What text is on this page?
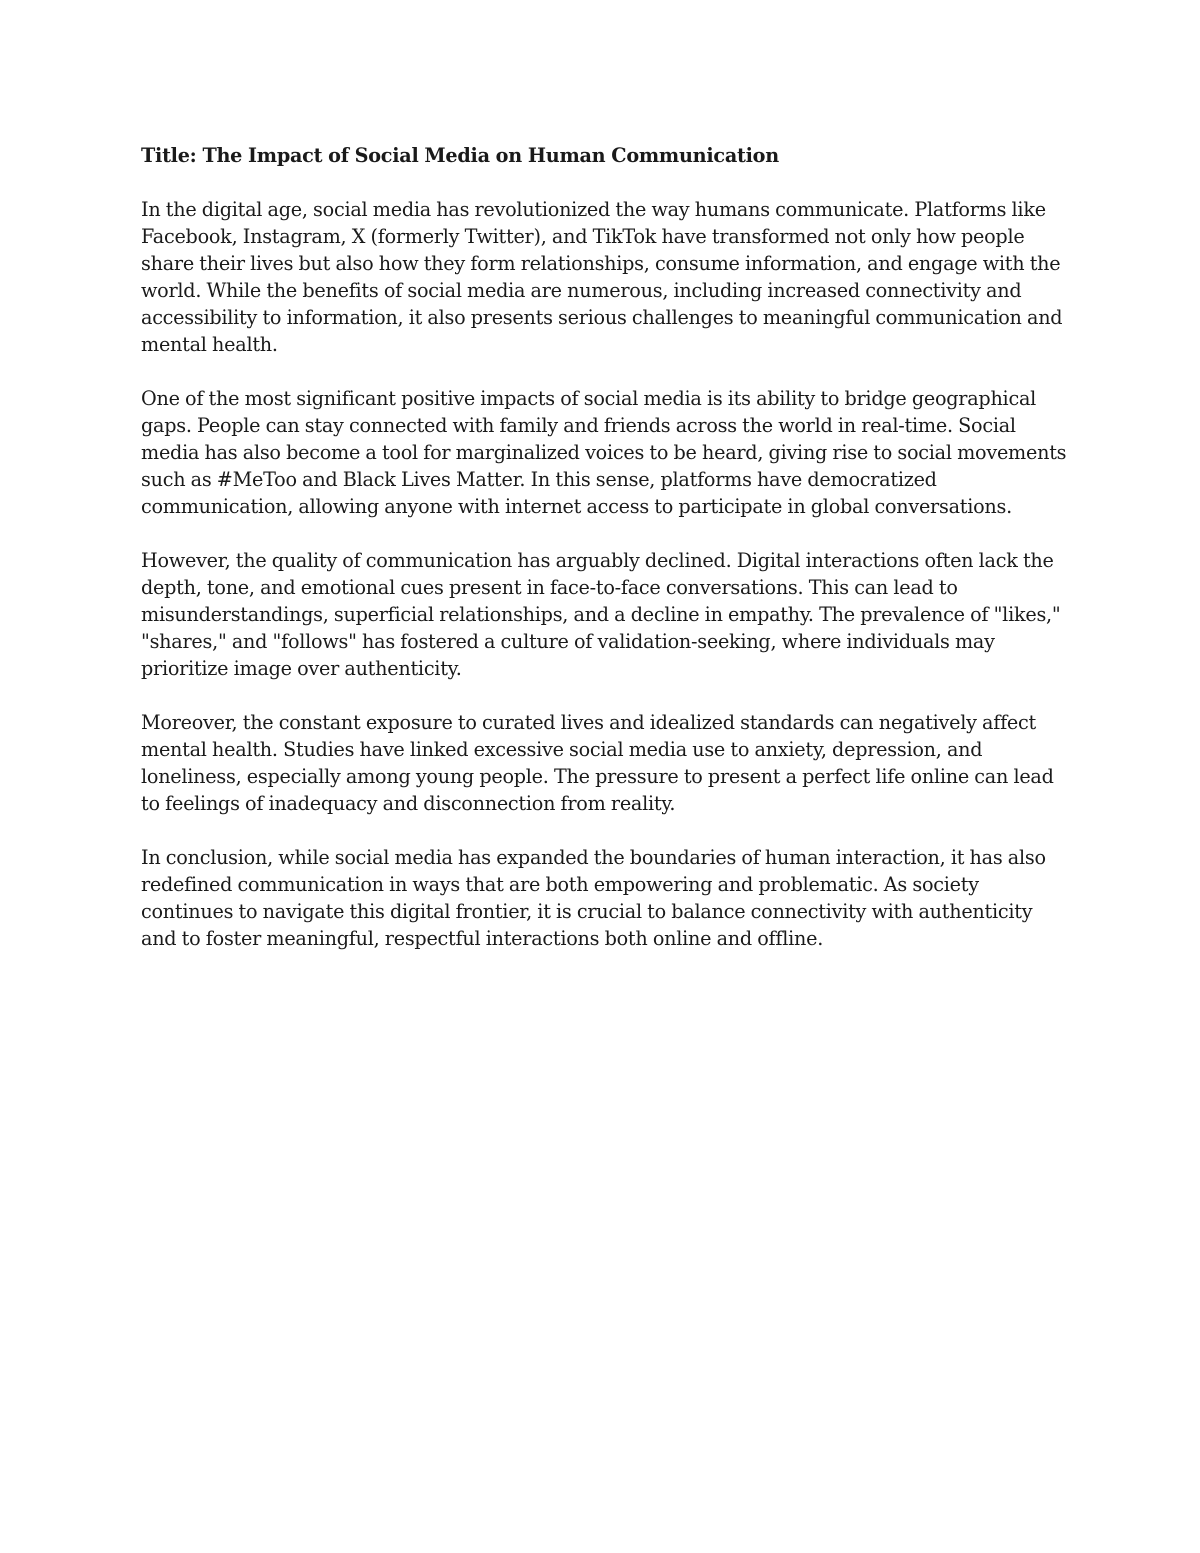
Title: The Impact of Social Media on Human Communication

In the digital age, social media has revolutionized the way humans communicate. Platforms like Facebook, Instagram, X (formerly Twitter), and TikTok have transformed not only how people share their lives but also how they form relationships, consume information, and engage with the world. While the benefits of social media are numerous, including increased connectivity and accessibility to information, it also presents serious challenges to meaningful communication and mental health.

One of the most significant positive impacts of social media is its ability to bridge geographical gaps. People can stay connected with family and friends across the world in real-time. Social media has also become a tool for marginalized voices to be heard, giving rise to social movements such as #MeToo and Black Lives Matter. In this sense, platforms have democratized communication, allowing anyone with internet access to participate in global conversations.

However, the quality of communication has arguably declined. Digital interactions often lack the depth, tone, and emotional cues present in face-to-face conversations. This can lead to misunderstandings, superficial relationships, and a decline in empathy. The prevalence of "likes," "shares," and "follows" has fostered a culture of validation-seeking, where individuals may prioritize image over authenticity.

Moreover, the constant exposure to curated lives and idealized standards can negatively affect mental health. Studies have linked excessive social media use to anxiety, depression, and loneliness, especially among young people. The pressure to present a perfect life online can lead to feelings of inadequacy and disconnection from reality.

In conclusion, while social media has expanded the boundaries of human interaction, it has also redefined communication in ways that are both empowering and problematic. As society continues to navigate this digital frontier, it is crucial to balance connectivity with authenticity and to foster meaningful, respectful interactions both online and offline.
